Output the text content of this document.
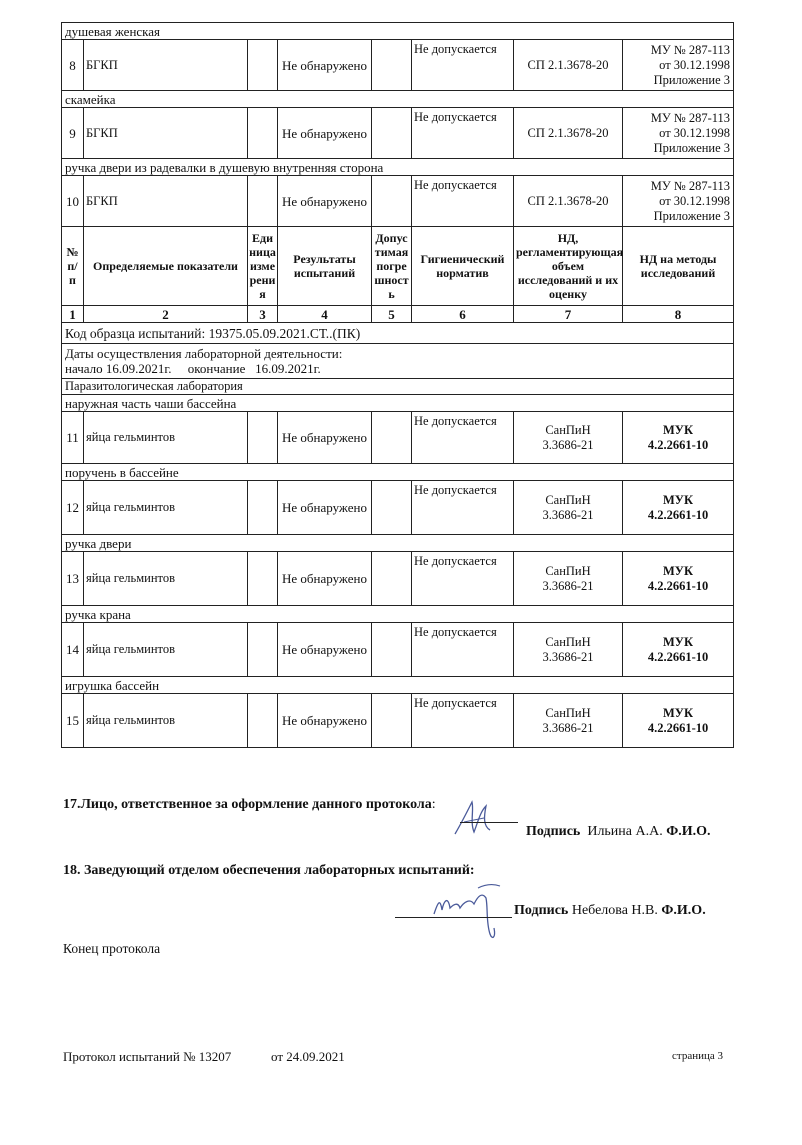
душевая женская							
8	БГКП		Не обнаружено		Не допускается	СП 2.1.3678-20	МУ № 287-113
от 30.12.1998
Приложение 3

скамейка							
9	БГКП		Не обнаружено		Не допускается	СП 2.1.3678-20	МУ № 287-113
от 30.12.1998
Приложение 3

ручка двери из радевалки в душевую внутренняя сторона							
10	БГКП		Не обнаружено		Не допускается	СП 2.1.3678-20	МУ № 287-113
от 30.12.1998
Приложение 3

№ п/п	Определяемые показатели	Единица измерения	Результаты испытаний	Допустимая погрешность	Гигиенический норматив	НД, регламентирующая объем исследований и их оценку	НД на методы исследований
1	2	3	4	5	6	7	8
Код образца испытаний: 19375.05.09.2021.СТ..(ПК)							

Даты осуществления лабораторной деятельности:
начало 16.09.2021г.     окончание   16.09.2021г.							

Паразитологическая лаборатория							
наружная часть чаши бассейна							
11	яйца гельминтов		Не обнаружено		Не допускается	СанПиН 3.3686-21	МУК 4.2.2661-10
поручень в бассейне							
12	яйца гельминтов		Не обнаружено		Не допускается	СанПиН 3.3686-21	МУК 4.2.2661-10
ручка двери							
13	яйца гельминтов		Не обнаружено		Не допускается	СанПиН 3.3686-21	МУК 4.2.2661-10
ручка крана							
14	яйца гельминтов		Не обнаружено		Не допускается	СанПиН 3.3686-21	МУК 4.2.2661-10
игрушка бассейн							
15	яйца гельминтов		Не обнаружено		Не допускается	СанПиН 3.3686-21	МУК 4.2.2661-10
17.Лицо, ответственное за оформление данного протокола:
Подпись Ильина А.А. Ф.И.О.
18. Заведующий отделом обеспечения лабораторных испытаний:
Подпись Небелова Н.В. Ф.И.О.
Конец протокола
Протокол испытаний № 13207	от 24.09.2021	страница 3
